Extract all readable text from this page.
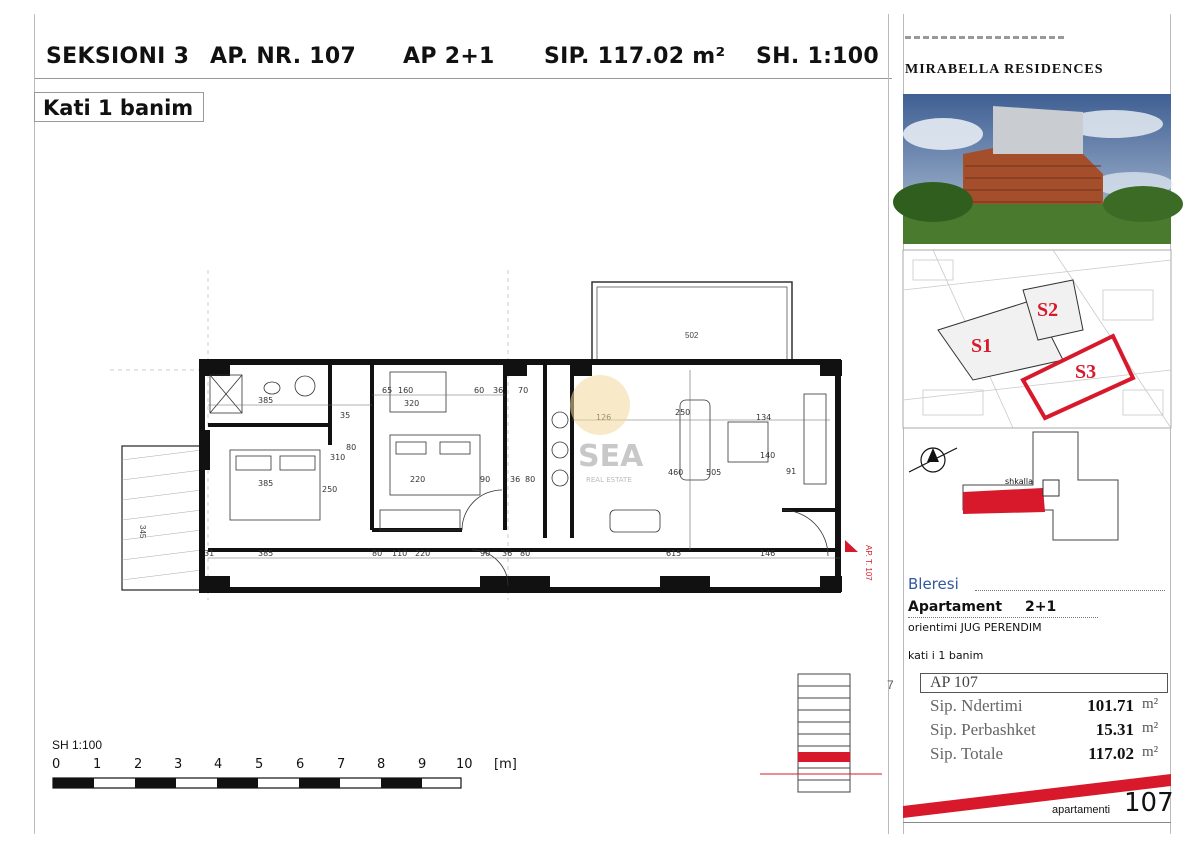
SEKSIONI 3 AP. NR. 107 AP 2+1 SIP. 117.02 m² SH. 1:100
Kati 1 banim
502
345
385
160
320
60 36 70
250
134
65
35
385
250
220	90 36 80
460	505
140
91
310
80
385	80 110 220	90 36 80	615	146
31
SEA
REAL ESTATE
AP. T. 107
SH 1:100
0	1	2 3 4	5	6	7 8	9 10 [m]
7
MIRABELLA RESIDENCES
S1
S2
S3
shkalla
Bleresi
Apartament 2+1
orientimi JUG PERENDIM
kati i 1 banim
AP 107
Sip. Ndertimi	101.71 m²
Sip. Perbashket	15.31 m²
Sip. Totale	117.02 m²
apartamenti 107
